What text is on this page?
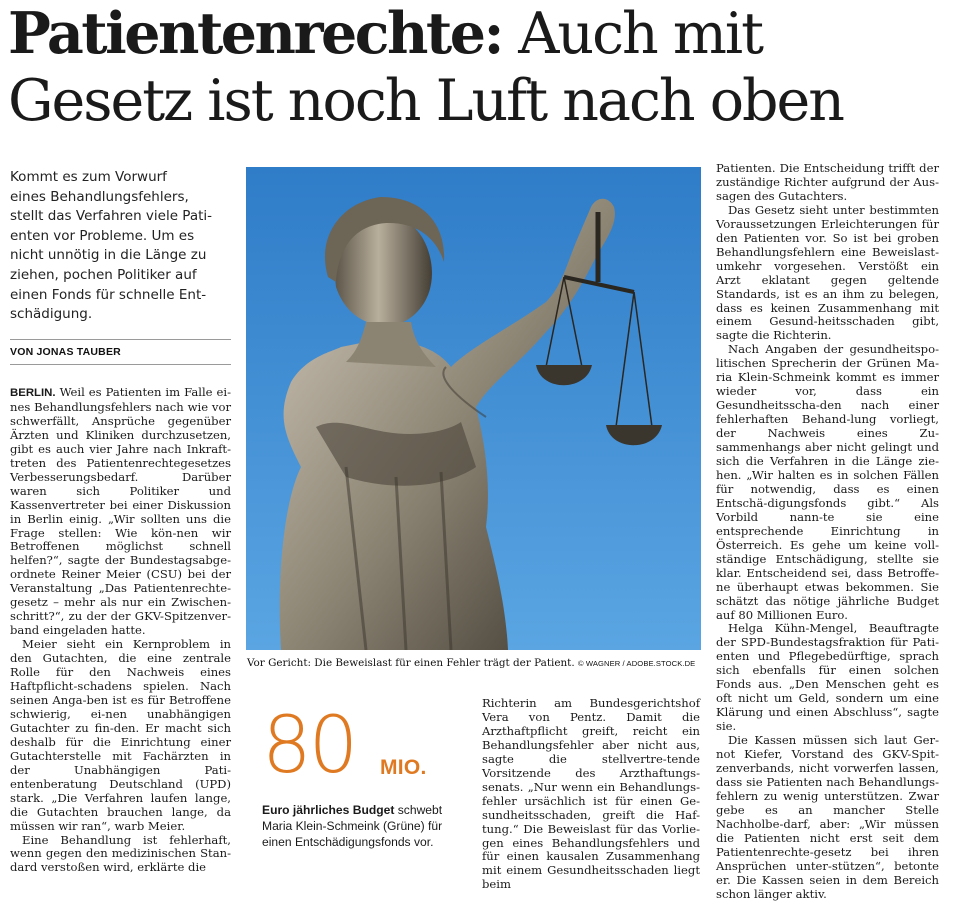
Patientenrechte: Auch mit
Gesetz ist noch Luft nach oben
Kommt es zum Vorwurf
eines Behandlungsfehlers,
stellt das Verfahren viele Pati-
enten vor Probleme. Um es
nicht unnötig in die Länge zu
ziehen, pochen Politiker auf
einen Fonds für schnelle Ent-
schädigung.
VON JONAS TAUBER

BERLIN. Weil es Patienten im Falle ei-nes Behandlungsfehlers nach wie vor schwerfällt, Ansprüche gegenüber Ärzten und Kliniken durchzusetzen, gibt es auch vier Jahre nach Inkraft-treten des Patientenrechtegesetzes Verbesserungsbedarf. Darüber waren sich Politiker und Kassenvertreter bei einer Diskussion in Berlin einig. „Wir sollten uns die Frage stellen: Wie kön-nen wir Betroffenen möglichst schnell helfen?“, sagte der Bundestagsabge-ordnete Reiner Meier (CSU) bei der Veranstaltung „Das Patientenrechte-gesetz – mehr als nur ein Zwischen-schritt?“, zu der der GKV-Spitzenver-band eingeladen hatte.

Meier sieht ein Kernproblem in den Gutachten, die eine zentrale Rolle für den Nachweis eines Haftpflicht-schadens spielen. Nach seinen Anga-ben ist es für Betroffene schwierig, ei-nen unabhängigen Gutachter zu fin-den. Er macht sich deshalb für die Einrichtung einer Gutachterstelle mit Fachärzten in der Unabhängigen Pati-entenberatung Deutschland (UPD) stark. „Die Verfahren laufen lange, die Gutachten brauchen lange, da müssen wir ran“, warb Meier.

Eine Behandlung ist fehlerhaft, wenn gegen den medizinischen Stan-dard verstoßen wird, erklärte die

Vor Gericht: Die Beweislast für einen Fehler trägt der Patient. © WAGNER / ADOBE.STOCK.DE
80 MIO.
Euro jährliches Budget schwebt Maria Klein-Schmeink (Grüne) für einen Entschädigungsfonds vor.

Richterin am Bundesgerichtshof Vera von Pentz. Damit die Arzthaftpflicht greift, reicht ein Behandlungsfehler aber nicht aus, sagte die stellvertre-tende Vorsitzende des Arzthaftungs-senats. „Nur wenn ein Behandlungs-fehler ursächlich ist für einen Ge-sundheitsschaden, greift die Haf-tung.“ Die Beweislast für das Vorlie-gen eines Behandlungsfehlers und für einen kausalen Zusammenhang mit einem Gesundheitsschaden liegt beim

Patienten. Die Entscheidung trifft der zuständige Richter aufgrund der Aus-sagen des Gutachters.

Das Gesetz sieht unter bestimmten Voraussetzungen Erleichterungen für den Patienten vor. So ist bei groben Behandlungsfehlern eine Beweislast-umkehr vorgesehen. Verstößt ein Arzt eklatant gegen geltende Standards, ist es an ihm zu belegen, dass es keinen Zusammenhang mit einem Gesund-heitsschaden gibt, sagte die Richterin.

Nach Angaben der gesundheitspo-litischen Sprecherin der Grünen Ma-ria Klein-Schmeink kommt es immer wieder vor, dass ein Gesundheitsscha-den nach einer fehlerhaften Behand-lung vorliegt, der Nachweis eines Zu-sammenhangs aber nicht gelingt und sich die Verfahren in die Länge zie-hen. „Wir halten es in solchen Fällen für notwendig, dass es einen Entschä-digungsfonds gibt.“ Als Vorbild nann-te sie eine entsprechende Einrichtung in Österreich. Es gehe um keine voll-ständige Entschädigung, stellte sie klar. Entscheidend sei, dass Betroffe-ne überhaupt etwas bekommen. Sie schätzt das nötige jährliche Budget auf 80 Millionen Euro.

Helga Kühn-Mengel, Beauftragte der SPD-Bundestagsfraktion für Pati-enten und Pflegebedürftige, sprach sich ebenfalls für einen solchen Fonds aus. „Den Menschen geht es oft nicht um Geld, sondern um eine Klärung und einen Abschluss“, sagte sie.

Die Kassen müssen sich laut Ger-not Kiefer, Vorstand des GKV-Spit-zenverbands, nicht vorwerfen lassen, dass sie Patienten nach Behandlungs-fehlern zu wenig unterstützen. Zwar gebe es an mancher Stelle Nachholbe-darf, aber: „Wir müssen die Patienten nicht erst seit dem Patientenrechte-gesetz bei ihren Ansprüchen unter-stützen“, betonte er. Die Kassen seien in dem Bereich schon länger aktiv.
